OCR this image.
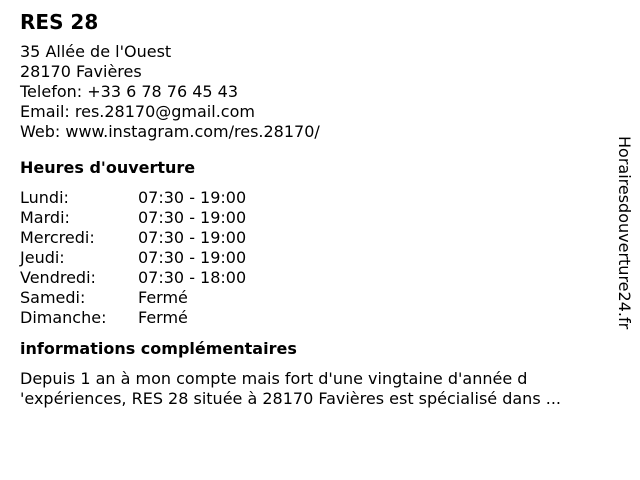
RES 28
35 Allée de l'Ouest
28170 Favières
Telefon: +33 6 78 76 45 43
Email: res.28170@gmail.com
Web: www.instagram.com/res.28170/
Heures d'ouverture
Lundi:	07:30 - 19:00
Mardi:	07:30 - 19:00
Mercredi:	07:30 - 19:00
Jeudi:	07:30 - 19:00
Vendredi:	07:30 - 18:00
Samedi:	Fermé
Dimanche:	Fermé
informations complémentaires

Depuis 1 an à mon compte mais fort d'une vingtaine d'année d
'expériences, RES 28 située à 28170 Favières est spécialisé dans ...

Horairesdouverture24.fr
